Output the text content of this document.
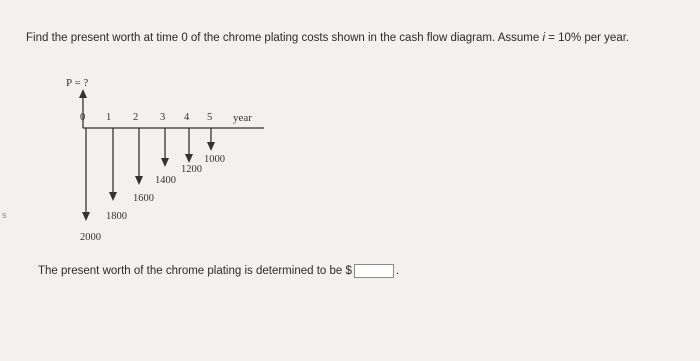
s
Find the present worth at time 0 of the chrome plating costs shown in the cash flow diagram. Assume i = 10% per year.
P = ?
year
0 1 2 3 4 5
2000
1800
1600
1400
1200
1000
The present worth of the chrome plating is determined to be $	.
